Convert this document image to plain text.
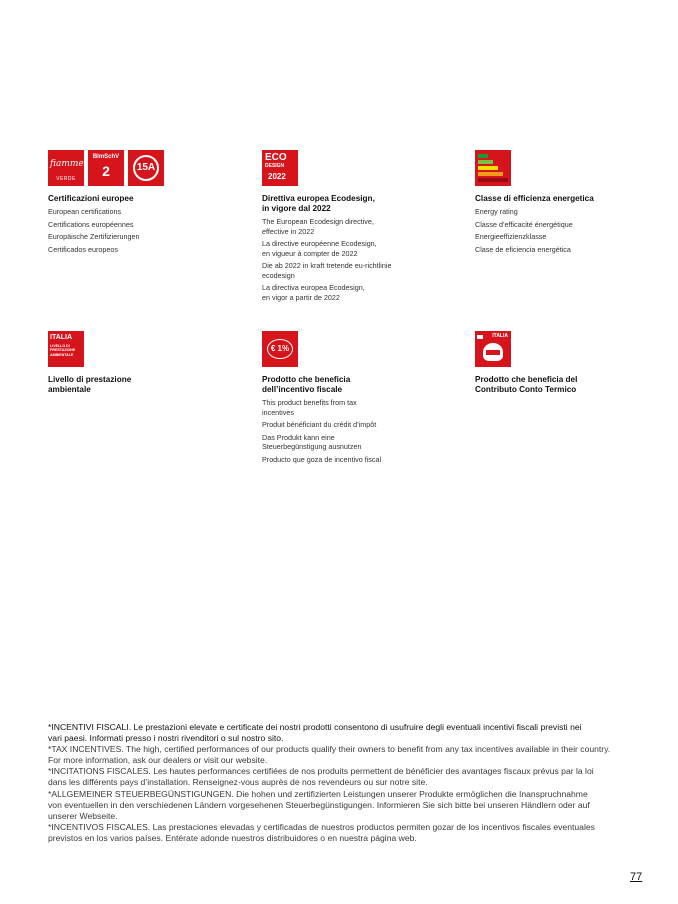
fiamme
VERDE
BImSchV
2	15A

Certificazioni europee

European certifications

Certifications européennes

Europäische Zertifizierungen

Certificados europeos

ECO
DESIGN
2022

Direttiva europea Ecodesign,
in vigore dal 2022

The European Ecodesign directive,
effective in 2022

La directive européenne Ecodesign,
en vigueur à compter de 2022

Die ab 2022 in kraft tretende eu-richtlinie
ecodesign

La directiva europea Ecodesign,
en vigor a partir de 2022

Classe di efficienza energetica

Energy rating

Classe d’efficacité énergétique

Energieeffizienzklasse

Clase de eficiencia energética

ITALIA
LIVELLO DI
PRESTAZIONE
AMBIENTALE

Livello di prestazione
ambientale

€ 1%

Prodotto che beneficia
dell’incentivo fiscale

This product benefits from tax
incentives

Produit bénéficiant du crédit d’impôt

Das Produkt kann eine
Steuerbegünstigung ausnutzen

Producto que goza de incentivo fiscal

ITALIA

Prodotto che beneficia del
Contributo Conto Termico

*INCENTIVI FISCALI. Le prestazioni elevate e certificate dei nostri prodotti consentono di usufruire degli eventuali incentivi fiscali previsti nei
vari paesi. Informati presso i nostri rivenditori o sul nostro sito.

*TAX INCENTIVES. The high, certified performances of our products qualify their owners to benefit from any tax incentives available in their country.
For more information, ask our dealers or visit our website.

*INCITATIONS FISCALES. Les hautes performances certifiées de nos produits permettent de bénéficier des avantages fiscaux prévus par la loi
dans les différents pays d’installation. Renseignez-vous auprès de nos revendeurs ou sur notre site.

*ALLGEMEINER STEUERBEGÜNSTIGUNGEN. Die hohen und zertifizierten Leistungen unserer Produkte ermöglichen die Inanspruchnahme
von eventuellen in den verschiedenen Ländern vorgesehenen Steuerbegünstigungen. Informieren Sie sich bitte bei unseren Händlern oder auf
unserer Webseite.

*INCENTIVOS FISCALES. Las prestaciones elevadas y certificadas de nuestros productos permiten gozar de los incentivos fiscales eventuales
previstos en los varios países. Entérate adonde nuestros distribuidores o en nuestra página web.

77
